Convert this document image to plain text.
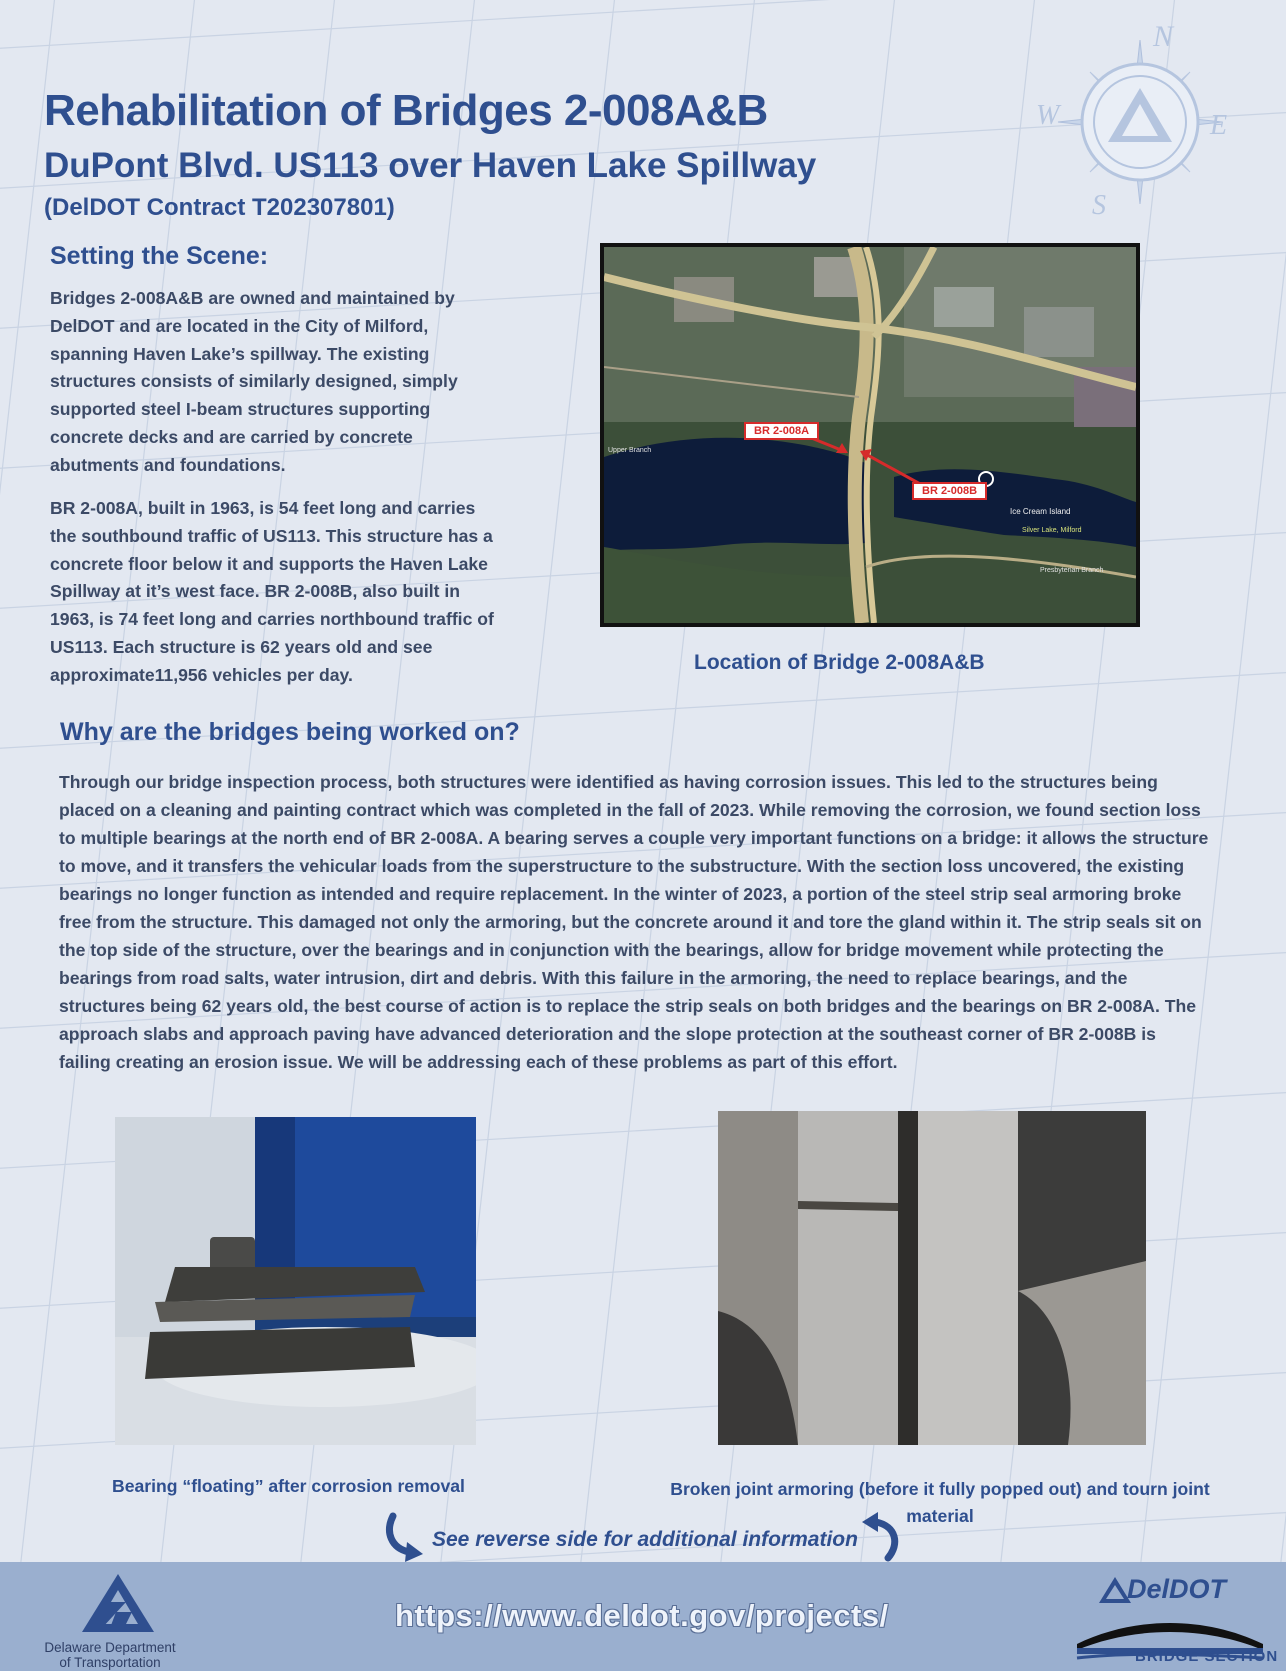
Rehabilitation of Bridges 2-008A&B
DuPont Blvd. US113 over Haven Lake Spillway
(DelDOT Contract T202307801)
N
E
S
W
Setting the Scene:

Bridges 2-008A&B are owned and maintained by DelDOT and are located in the City of Milford, spanning Haven Lake’s spillway. The existing structures consists of similarly designed, simply supported steel I-beam structures supporting concrete decks and are carried by concrete abutments and foundations.

BR 2-008A, built in 1963, is 54 feet long and carries the southbound traffic of US113. This structure has a concrete floor below it and supports the Haven Lake Spillway at it’s west face. BR 2-008B, also built in 1963, is 74 feet long and carries northbound traffic of US113. Each structure is 62 years old and see approximate11,956 vehicles per day.

BR 2-008A
BR 2-008B
Ice Cream Island
Silver Lake, Milford
Presbyterian Branch
Upper Branch
Location of Bridge 2-008A&B
Why are the bridges being worked on?

Through our bridge inspection process, both structures were identified as having corrosion issues. This led to the structures being placed on a cleaning and painting contract which was completed in the fall of 2023. While removing the corrosion, we found section loss to multiple bearings at the north end of BR 2-008A. A bearing serves a couple very important functions on a bridge: it allows the structure to move, and it transfers the vehicular loads from the superstructure to the substructure. With the section loss uncovered, the existing bearings no longer function as intended and require replacement. In the winter of 2023, a portion of the steel strip seal armoring broke free from the structure. This damaged not only the armoring, but the concrete around it and tore the gland within it. The strip seals sit on the top side of the structure, over the bearings and in conjunction with the bearings, allow for bridge movement while protecting the bearings from road salts, water intrusion, dirt and debris. With this failure in the armoring, the need to replace bearings, and the structures being 62 years old, the best course of action is to replace the strip seals on both bridges and the bearings on BR 2-008A. The approach slabs and approach paving have advanced deterioration and the slope protection at the southeast corner of BR 2-008B is failing creating an erosion issue. We will be addressing each of these problems as part of this effort.

Bearing “floating” after corrosion removal	Broken joint armoring (before it fully popped out) and tourn joint material
See reverse side for additional information
Delaware Department
of Transportation
https://www.deldot.gov/projects/
DelDOT
BRIDGE SECTION
